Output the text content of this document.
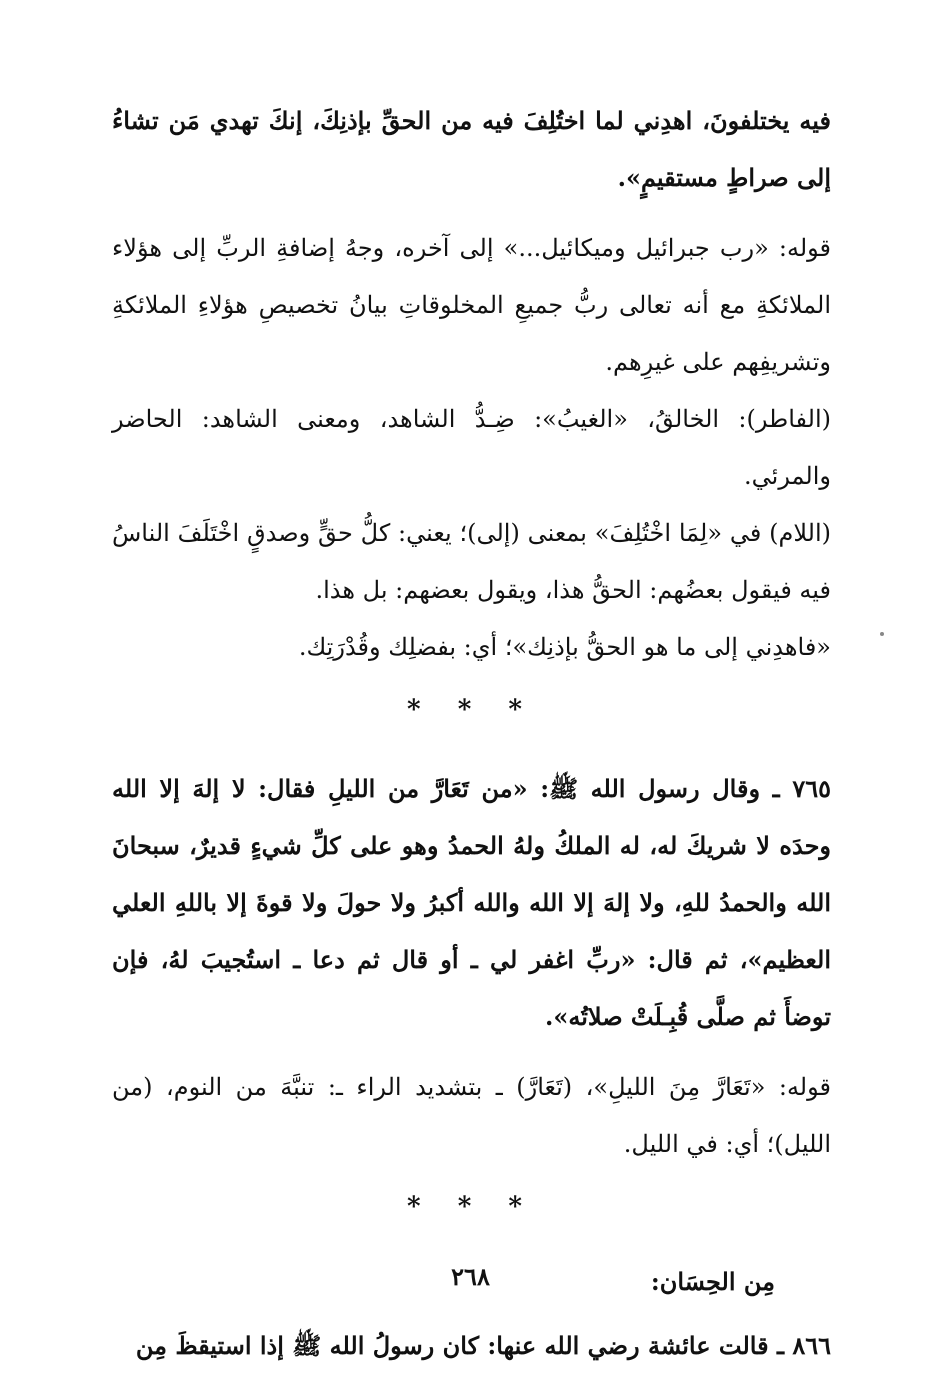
فيه يختلفونَ، اهدِني لما اختُلِفَ فيه من الحقِّ بإذنِكَ، إنكَ تهدي مَن تشاءُ إلى صراطٍ مستقيمٍ».

قوله: «رب جبرائيل وميكائيل...» إلى آخره، وجهُ إضافةِ الربِّ إلى هؤلاء الملائكةِ مع أنه تعالى ربُّ جميعِ المخلوقاتِ بيانُ تخصيصِ هؤلاءِ الملائكةِ وتشريفِهم على غيرِهم.

(الفاطر): الخالقُ، «الغيبُ»: ضِـدُّ الشاهد، ومعنى الشاهد: الحاضر والمرئي.

(اللام) في «لِمَا اخْتُلِفَ» بمعنى (إلى)؛ يعني: كلُّ حقٍّ وصدقٍ اخْتَلَفَ الناسُ فيه فيقول بعضُهم: الحقُّ هذا، ويقول بعضهم: بل هذا.

«فاهدِني إلى ما هو الحقُّ بإذنِك»؛ أي: بفضلِك وقُدْرَتِك.

* * *

٧٦٥ ـ وقال رسول الله ﷺ: «من تَعَارَّ من الليلِ فقال: لا إلهَ إلا الله وحدَه لا شريكَ له، له الملكُ ولهُ الحمدُ وهو على كلِّ شيءٍ قديرٌ، سبحانَ الله والحمدُ للهِ، ولا إلهَ إلا الله والله أكبرُ ولا حولَ ولا قوةَ إلا باللهِ العلي العظيم»، ثم قال: «ربِّ اغفر لي ـ أو قال ثم دعا ـ استُجيبَ لهُ، فإن توضأَ ثم صلَّى قُبِـلَتْ صلاتُه».

قوله: «تَعَارَّ مِنَ الليلِ»، (تَعَارَّ) ـ بتشديد الراء ـ: تنبَّهَ من النوم، (من الليل)؛ أي: في الليل.

* * *
مِن الحِسَان:

٨٦٦ ـ قالت عائشة رضي الله عنها: كان رسولُ الله ﷺ إذا استيقظَ مِن

٢٦٨
